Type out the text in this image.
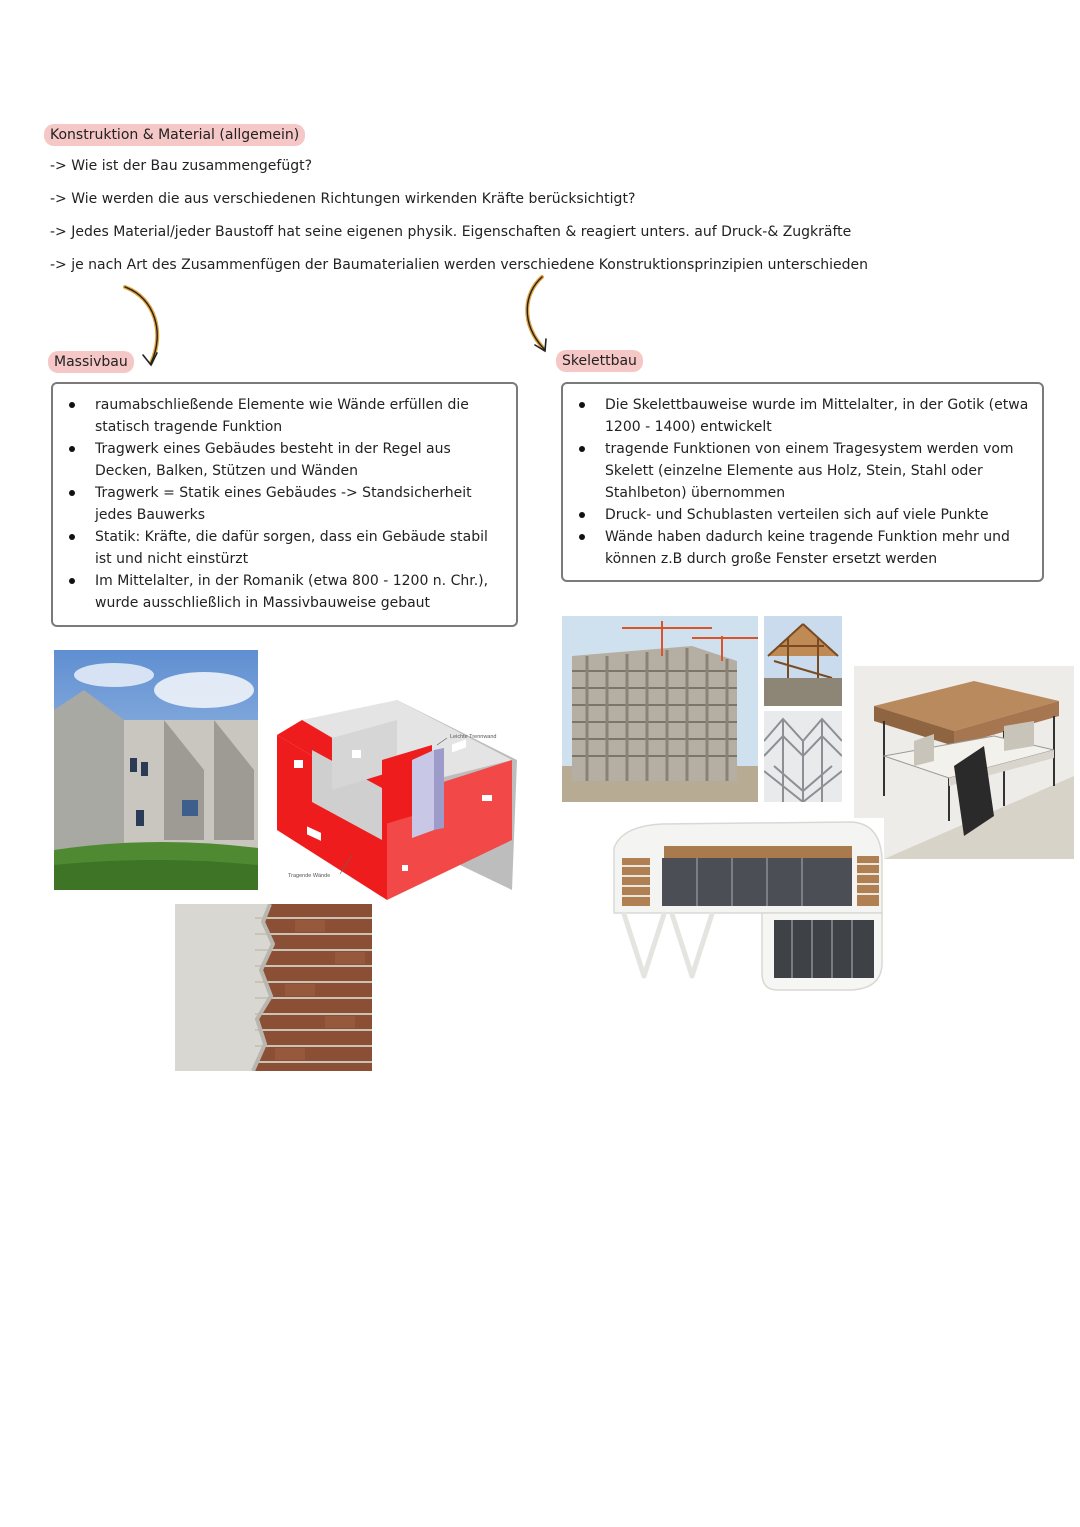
Konstruktion & Material (allgemein)
-> Wie ist der Bau zusammengefügt?
-> Wie werden die aus verschiedenen Richtungen wirkenden Kräfte berücksichtigt?
-> Jedes Material/jeder Baustoff hat seine eigenen physik. Eigenschaften & reagiert unters. auf Druck-& Zugkräfte
-> je nach Art des Zusammenfügen der Baumaterialien werden verschiedene Konstruktionsprinzipien unterschieden
Massivbau	Skelettbau
raumabschließende Elemente wie Wände erfüllen die statisch tragende Funktion
Tragwerk eines Gebäudes besteht in der Regel aus Decken, Balken, Stützen und Wänden
Tragwerk = Statik eines Gebäudes -> Standsicherheit jedes Bauwerks
Statik: Kräfte, die dafür sorgen, dass ein Gebäude stabil ist und nicht einstürzt
Im Mittelalter, in der Romanik (etwa 800 - 1200 n. Chr.), wurde ausschließlich in Massivbauweise gebaut
Die Skelettbauweise wurde im Mittelalter, in der Gotik (etwa 1200 - 1400) entwickelt
tragende Funktionen von einem Tragesystem werden vom Skelett (einzelne Elemente aus Holz, Stein, Stahl oder Stahlbeton) übernommen
Druck- und Schublasten verteilen sich auf viele Punkte
Wände haben dadurch keine tragende Funktion mehr und können z.B durch große Fenster ersetzt werden
Leichte Trennwand
Tragende Wände
